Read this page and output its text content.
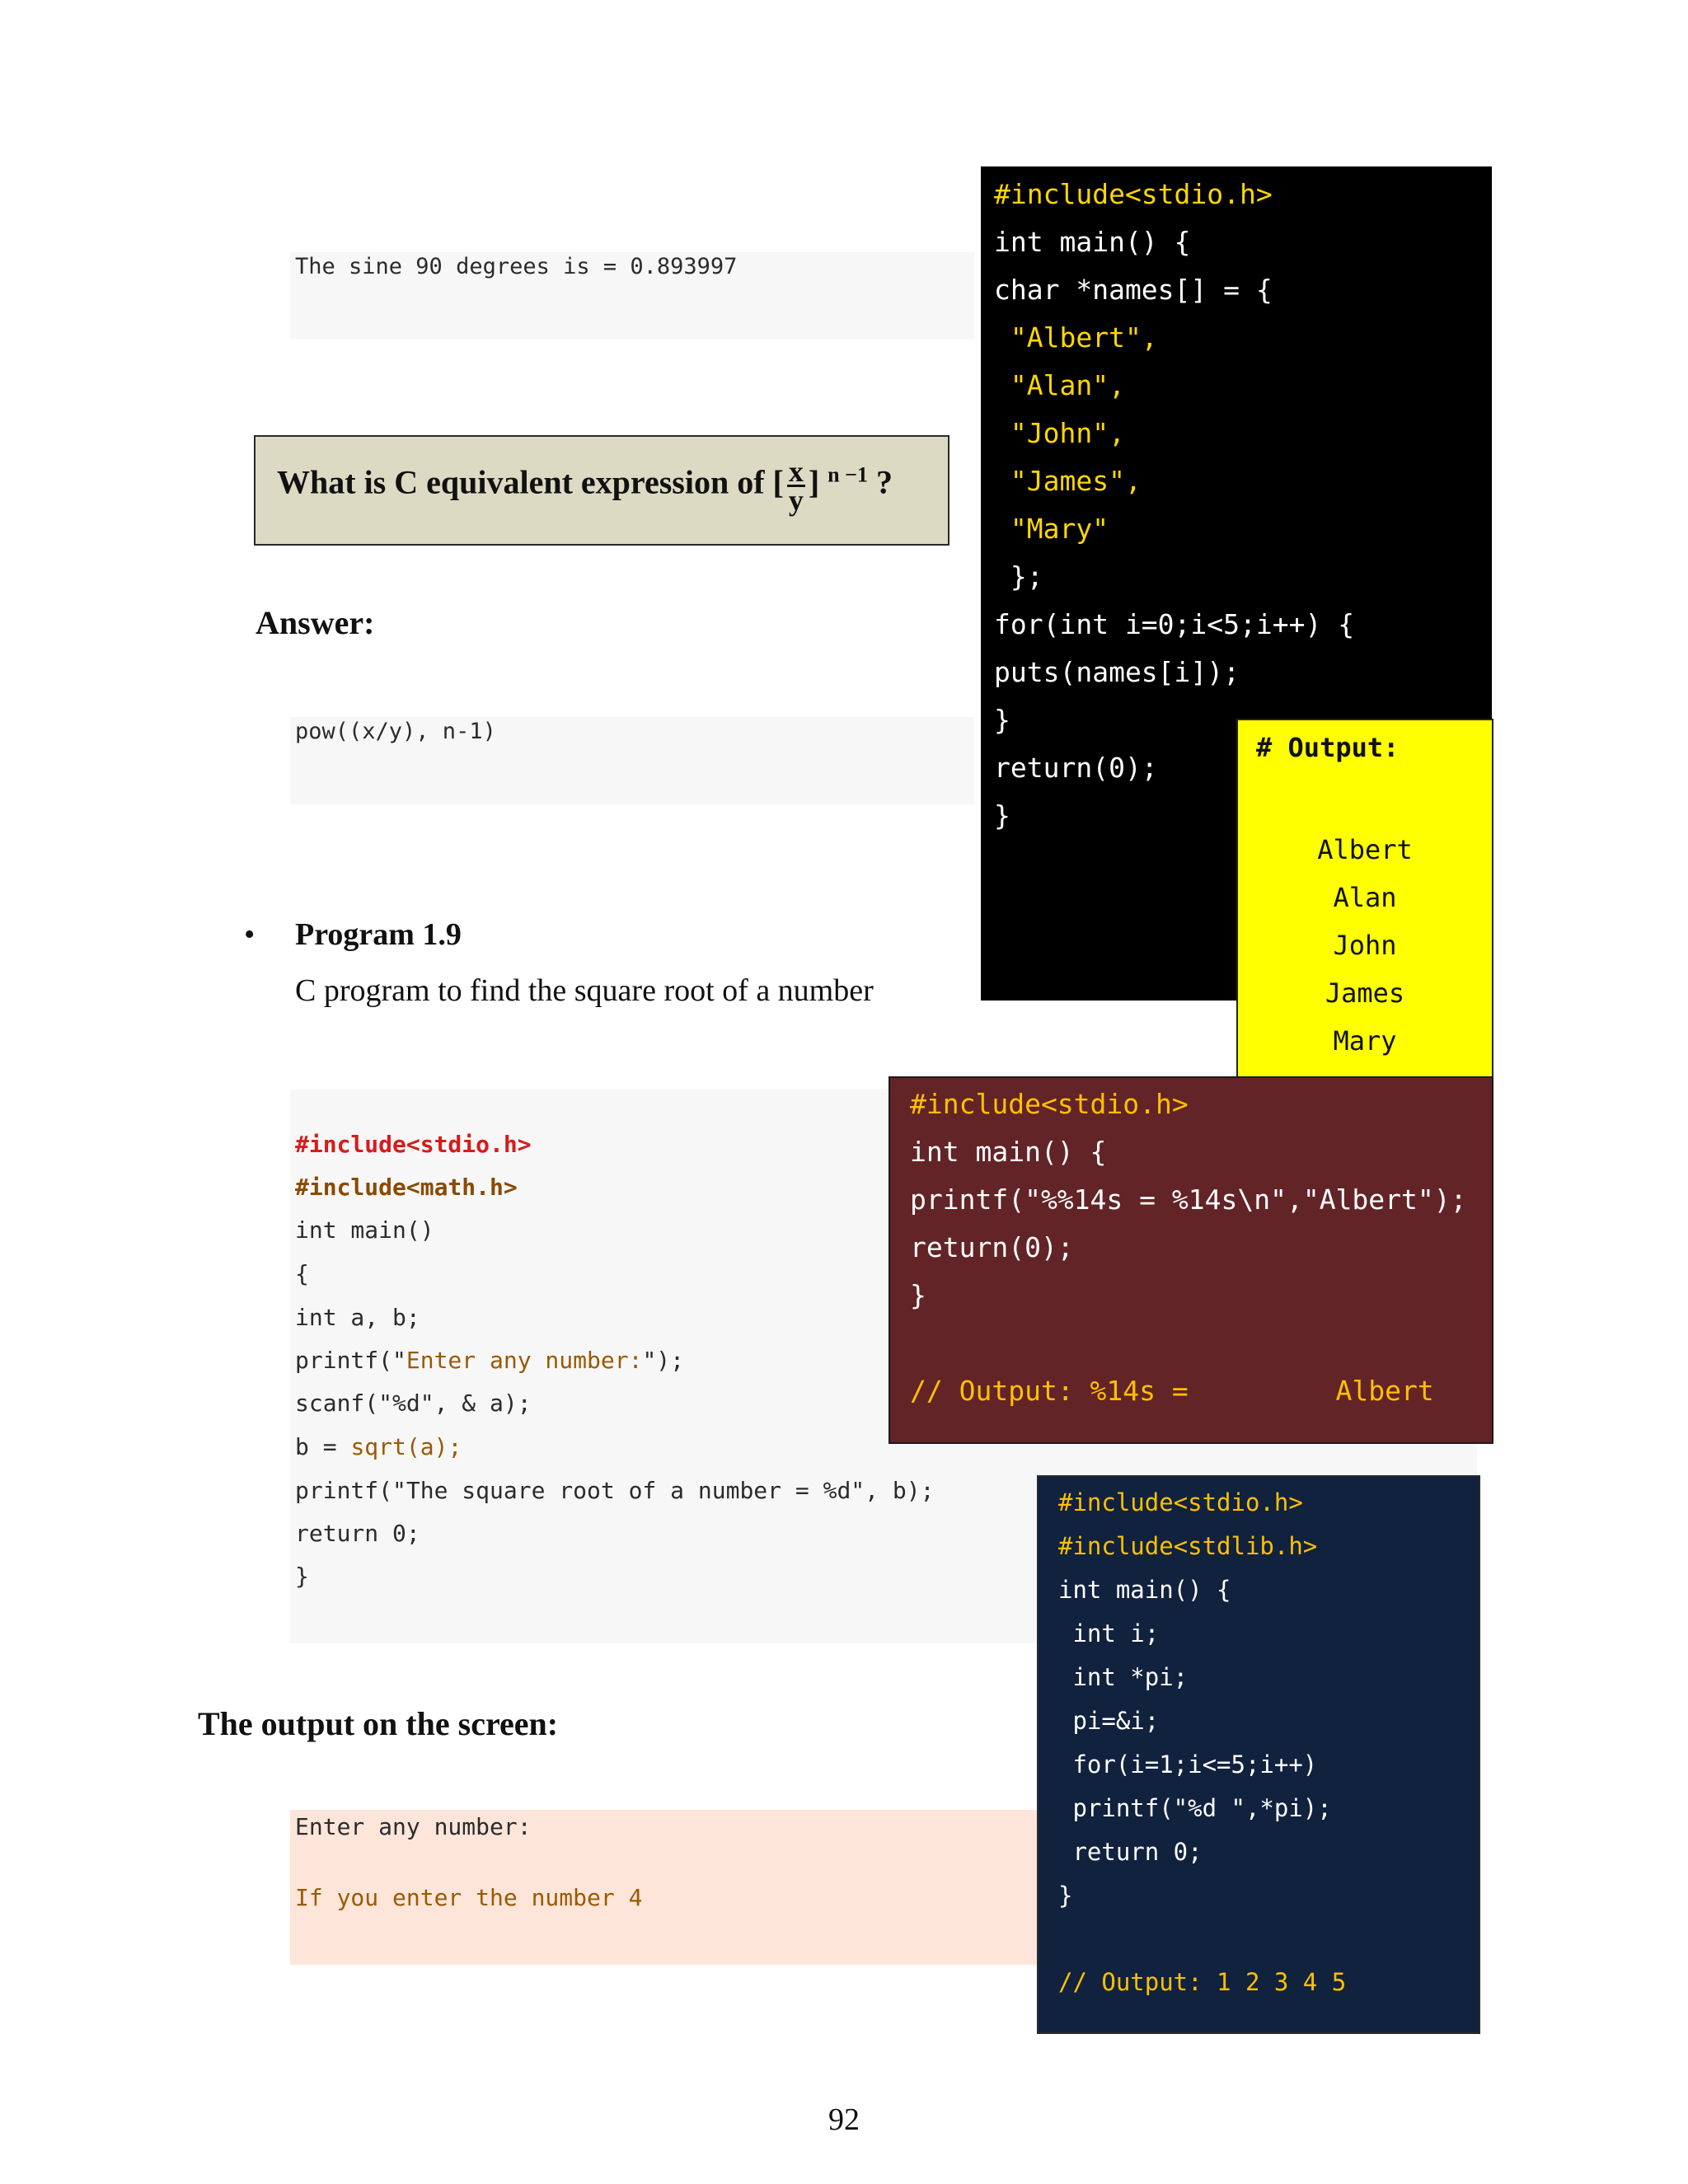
The sine 90 degrees is = 0.893997
What is C equivalent expression of [ $\frac{x}{y}$ ] $^{n -1}$ ?
Answer:
pow((x/y), n-1)
• Program 1.9
C program to find the square root of a number
#include<stdio.h>
#include<math.h>
int main()
{
int a, b;
printf("Enter any number:");
scanf("%d", & a);
b = sqrt(a);
printf("The square root of a number = %d", b);
return 0;
}
The output on the screen:
Enter any number:
If you enter the number 4
#include<stdio.h>
int main() {
char *names[] = {
"Albert",
"Alan",
"John",
"James",
"Mary"
};
for(int i=0;i<5;i++) {
puts(names[i]);
}
return(0);
}
# Output:
Albert
Alan
John
James
Mary
#include<stdio.h>
int main() {
printf("%%14s = %14s\n","Albert");
return(0);
}
// Output: %14s =         Albert
#include<stdio.h>
#include<stdlib.h>
int main() {
int i;
int *pi;
pi=&i;
for(i=1;i<=5;i++)
printf("%d ",*pi);
return 0;
}
// Output: 1 2 3 4 5
92
